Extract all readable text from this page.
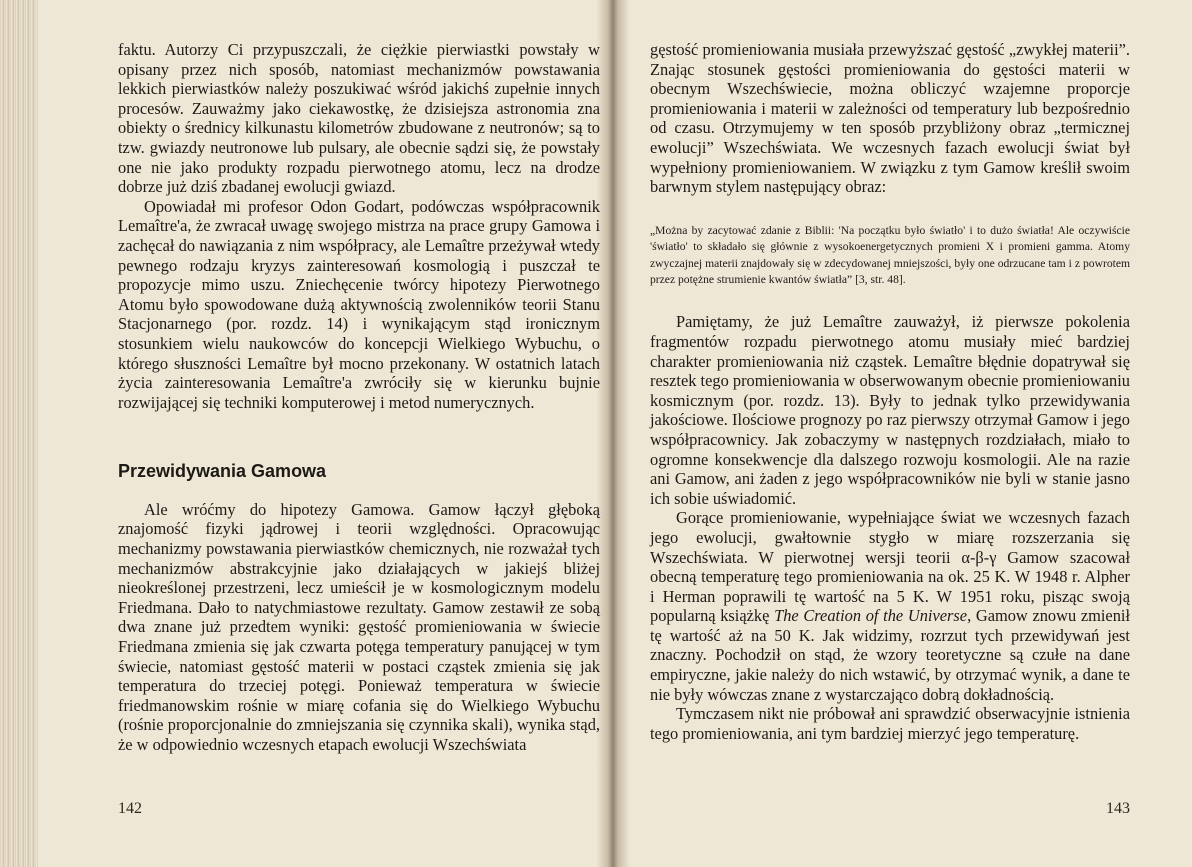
faktu. Autorzy Ci przypuszczali, że ciężkie pierwiastki powstały w opisany przez nich sposób, natomiast mechanizmów powstawania lekkich pierwiastków należy poszukiwać wśród jakichś zupełnie innych procesów. Zauważmy jako ciekawostkę, że dzisiejsza astronomia zna obiekty o średnicy kilkunastu kilometrów zbudowane z neutronów; są to tzw. gwiazdy neutronowe lub pulsary, ale obecnie sądzi się, że powstały one nie jako produkty rozpadu pierwotnego atomu, lecz na drodze dobrze już dziś zbadanej ewolucji gwiazd.

Opowiadał mi profesor Odon Godart, podówczas współpracownik Lemaître'a, że zwracał uwagę swojego mistrza na prace grupy Gamowa i zachęcał do nawiązania z nim współpracy, ale Lemaître przeżywał wtedy pewnego rodzaju kryzys zainteresowań kosmologią i puszczał te propozycje mimo uszu. Zniechęcenie twórcy hipotezy Pierwotnego Atomu było spowodowane dużą aktywnością zwolenników teorii Stanu Stacjonarnego (por. rozdz. 14) i wynikającym stąd ironicznym stosunkiem wielu naukowców do koncepcji Wielkiego Wybuchu, o którego słuszności Lemaître był mocno przekonany. W ostatnich latach życia zainteresowania Lemaître'a zwróciły się w kierunku bujnie rozwijającej się techniki komputerowej i metod numerycznych.

Przewidywania Gamowa

Ale wróćmy do hipotezy Gamowa. Gamow łączył głęboką znajomość fizyki jądrowej i teorii względności. Opracowując mechanizmy powstawania pierwiastków chemicznych, nie rozważał tych mechanizmów abstrakcyjnie jako działających w jakiejś bliżej nieokreślonej przestrzeni, lecz umieścił je w kosmologicznym modelu Friedmana. Dało to natychmiastowe rezultaty. Gamow zestawił ze sobą dwa znane już przedtem wyniki: gęstość promieniowania w świecie Friedmana zmienia się jak czwarta potęga temperatury panującej w tym świecie, natomiast gęstość materii w postaci cząstek zmienia się jak temperatura do trzeciej potęgi. Ponieważ temperatura w świecie friedmanowskim rośnie w miarę cofania się do Wielkiego Wybuchu (rośnie proporcjonalnie do zmniejszania się czynnika skali), wynika stąd, że w odpowiednio wczesnych etapach ewolucji Wszechświata

142

gęstość promieniowania musiała przewyższać gęstość „zwykłej materii”. Znając stosunek gęstości promieniowania do gęstości materii w obecnym Wszechświecie, można obliczyć wzajemne proporcje promieniowania i materii w zależności od temperatury lub bezpośrednio od czasu. Otrzymujemy w ten sposób przybliżony obraz „termicznej ewolucji” Wszechświata. We wczesnych fazach ewolucji świat był wypełniony promieniowaniem. W związku z tym Gamow kreślił swoim barwnym stylem następujący obraz:

„Można by zacytować zdanie z Biblii: 'Na początku było światło' i to dużo światła! Ale oczywiście 'światło' to składało się głównie z wysokoenergetycznych promieni X i promieni gamma. Atomy zwyczajnej materii znajdowały się w zdecydowanej mniejszości, były one odrzucane tam i z powrotem przez potężne strumienie kwantów światła” [3, str. 48].

Pamiętamy, że już Lemaître zauważył, iż pierwsze pokolenia fragmentów rozpadu pierwotnego atomu musiały mieć bardziej charakter promieniowania niż cząstek. Lemaître błędnie dopatrywał się resztek tego promieniowania w obserwowanym obecnie promieniowaniu kosmicznym (por. rozdz. 13). Były to jednak tylko przewidywania jakościowe. Ilościowe prognozy po raz pierwszy otrzymał Gamow i jego współpracownicy. Jak zobaczymy w następnych rozdziałach, miało to ogromne konsekwencje dla dalszego rozwoju kosmologii. Ale na razie ani Gamow, ani żaden z jego współpracowników nie byli w stanie jasno ich sobie uświadomić.

Gorące promieniowanie, wypełniające świat we wczesnych fazach jego ewolucji, gwałtownie stygło w miarę rozszerzania się Wszechświata. W pierwotnej wersji teorii α-β-γ Gamow szacował obecną temperaturę tego promieniowania na ok. 25 K. W 1948 r. Alpher i Herman poprawili tę wartość na 5 K. W 1951 roku, pisząc swoją popularną książkę The Creation of the Universe, Gamow znowu zmienił tę wartość aż na 50 K. Jak widzimy, rozrzut tych przewidywań jest znaczny. Pochodził on stąd, że wzory teoretyczne są czułe na dane empiryczne, jakie należy do nich wstawić, by otrzymać wynik, a dane te nie były wówczas znane z wystarczająco dobrą dokładnością.

Tymczasem nikt nie próbował ani sprawdzić obserwacyjnie istnienia tego promieniowania, ani tym bardziej mierzyć jego temperaturę.

143
